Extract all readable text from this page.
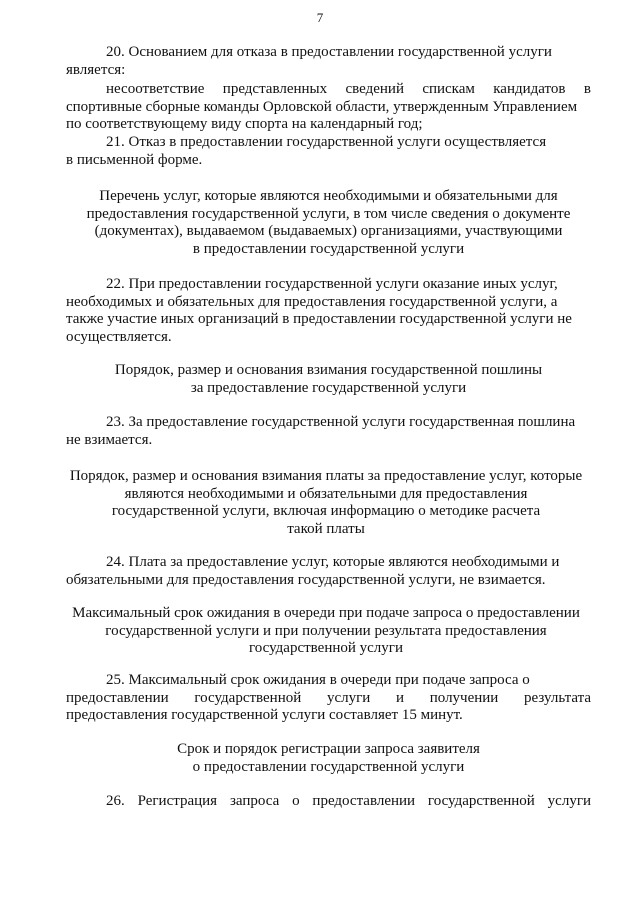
7
20. Основанием для отказа в предоставлении государственной услуги
является:
несоответствие представленных сведений спискам кандидатов в
спортивные сборные команды Орловской области, утвержденным Управлением
по соответствующему виду спорта на календарный год;
21. Отказ в предоставлении государственной услуги осуществляется
в письменной форме.
Перечень услуг, которые являются необходимыми и обязательными для
предоставления государственной услуги, в том числе сведения о документе
(документах), выдаваемом (выдаваемых) организациями, участвующими
в предоставлении государственной услуги
22. При предоставлении государственной услуги оказание иных услуг,
необходимых и обязательных для предоставления государственной услуги, а
также участие иных организаций в предоставлении государственной услуги не
осуществляется.
Порядок, размер и основания взимания государственной пошлины
за предоставление государственной услуги
23. За предоставление государственной услуги государственная пошлина
не взимается.
Порядок, размер и основания взимания платы за предоставление услуг, которые
являются необходимыми и обязательными для предоставления
государственной услуги, включая информацию о методике расчета
такой платы
24. Плата за предоставление услуг, которые являются необходимыми и
обязательными для предоставления государственной услуги, не взимается.
Максимальный срок ожидания в очереди при подаче запроса о предоставлении
государственной услуги и при получении результата предоставления
государственной услуги
25. Максимальный срок ожидания в очереди при подаче запроса о
предоставлении государственной услуги и получении результата
предоставления государственной услуги составляет 15 минут.
Срок и порядок регистрации запроса заявителя
о предоставлении государственной услуги
26. Регистрация запроса о предоставлении государственной услуги
